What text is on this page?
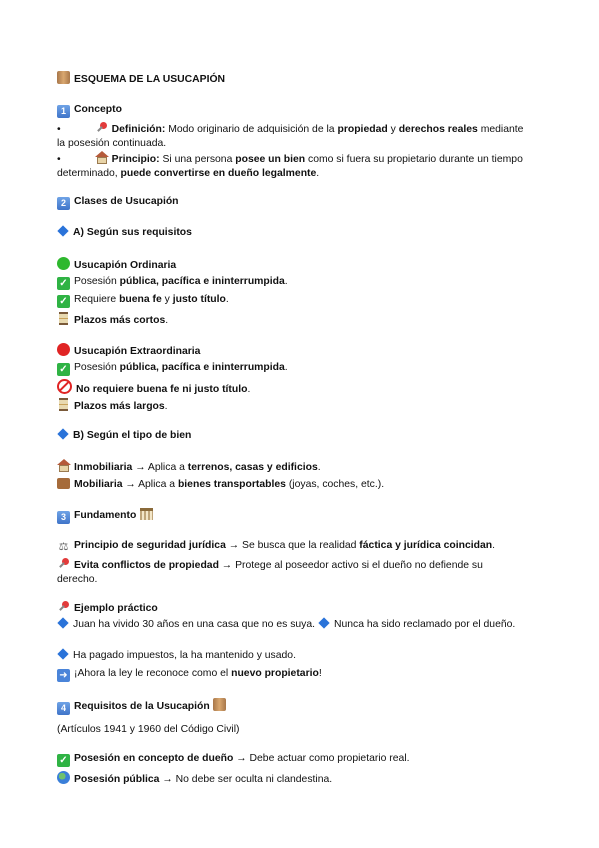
ESQUEMA DE LA USUCAPIÓN
1 Concepto
•	Definición: Modo originario de adquisición de la propiedad y derechos reales mediante la posesión continuada.
•	Principio: Si una persona posee un bien como si fuera su propietario durante un tiempo determinado, puede convertirse en dueño legalmente.
2 Clases de Usucapión
A) Según sus requisitos
Usucapión Ordinaria
✓ Posesión pública, pacífica e ininterrumpida.
✓ Requiere buena fe y justo título.
Plazos más cortos.
Usucapión Extraordinaria
✓ Posesión pública, pacífica e ininterrumpida.
No requiere buena fe ni justo título.
Plazos más largos.
B) Según el tipo de bien
Inmobiliaria → Aplica a terrenos, casas y edificios.
Mobiliaria → Aplica a bienes transportables (joyas, coches, etc.).
3 Fundamento
⚖ Principio de seguridad jurídica → Se busca que la realidad fáctica y jurídica coincidan.
Evita conflictos de propiedad → Protege al poseedor activo si el dueño no defiende su derecho.
Ejemplo práctico
Juan ha vivido 30 años en una casa que no es suya. Nunca ha sido reclamado por el dueño.
Ha pagado impuestos, la ha mantenido y usado.
➜ ¡Ahora la ley le reconoce como el nuevo propietario!
4 Requisitos de la Usucapión
(Artículos 1941 y 1960 del Código Civil)
✓ Posesión en concepto de dueño → Debe actuar como propietario real.
Posesión pública → No debe ser oculta ni clandestina.
